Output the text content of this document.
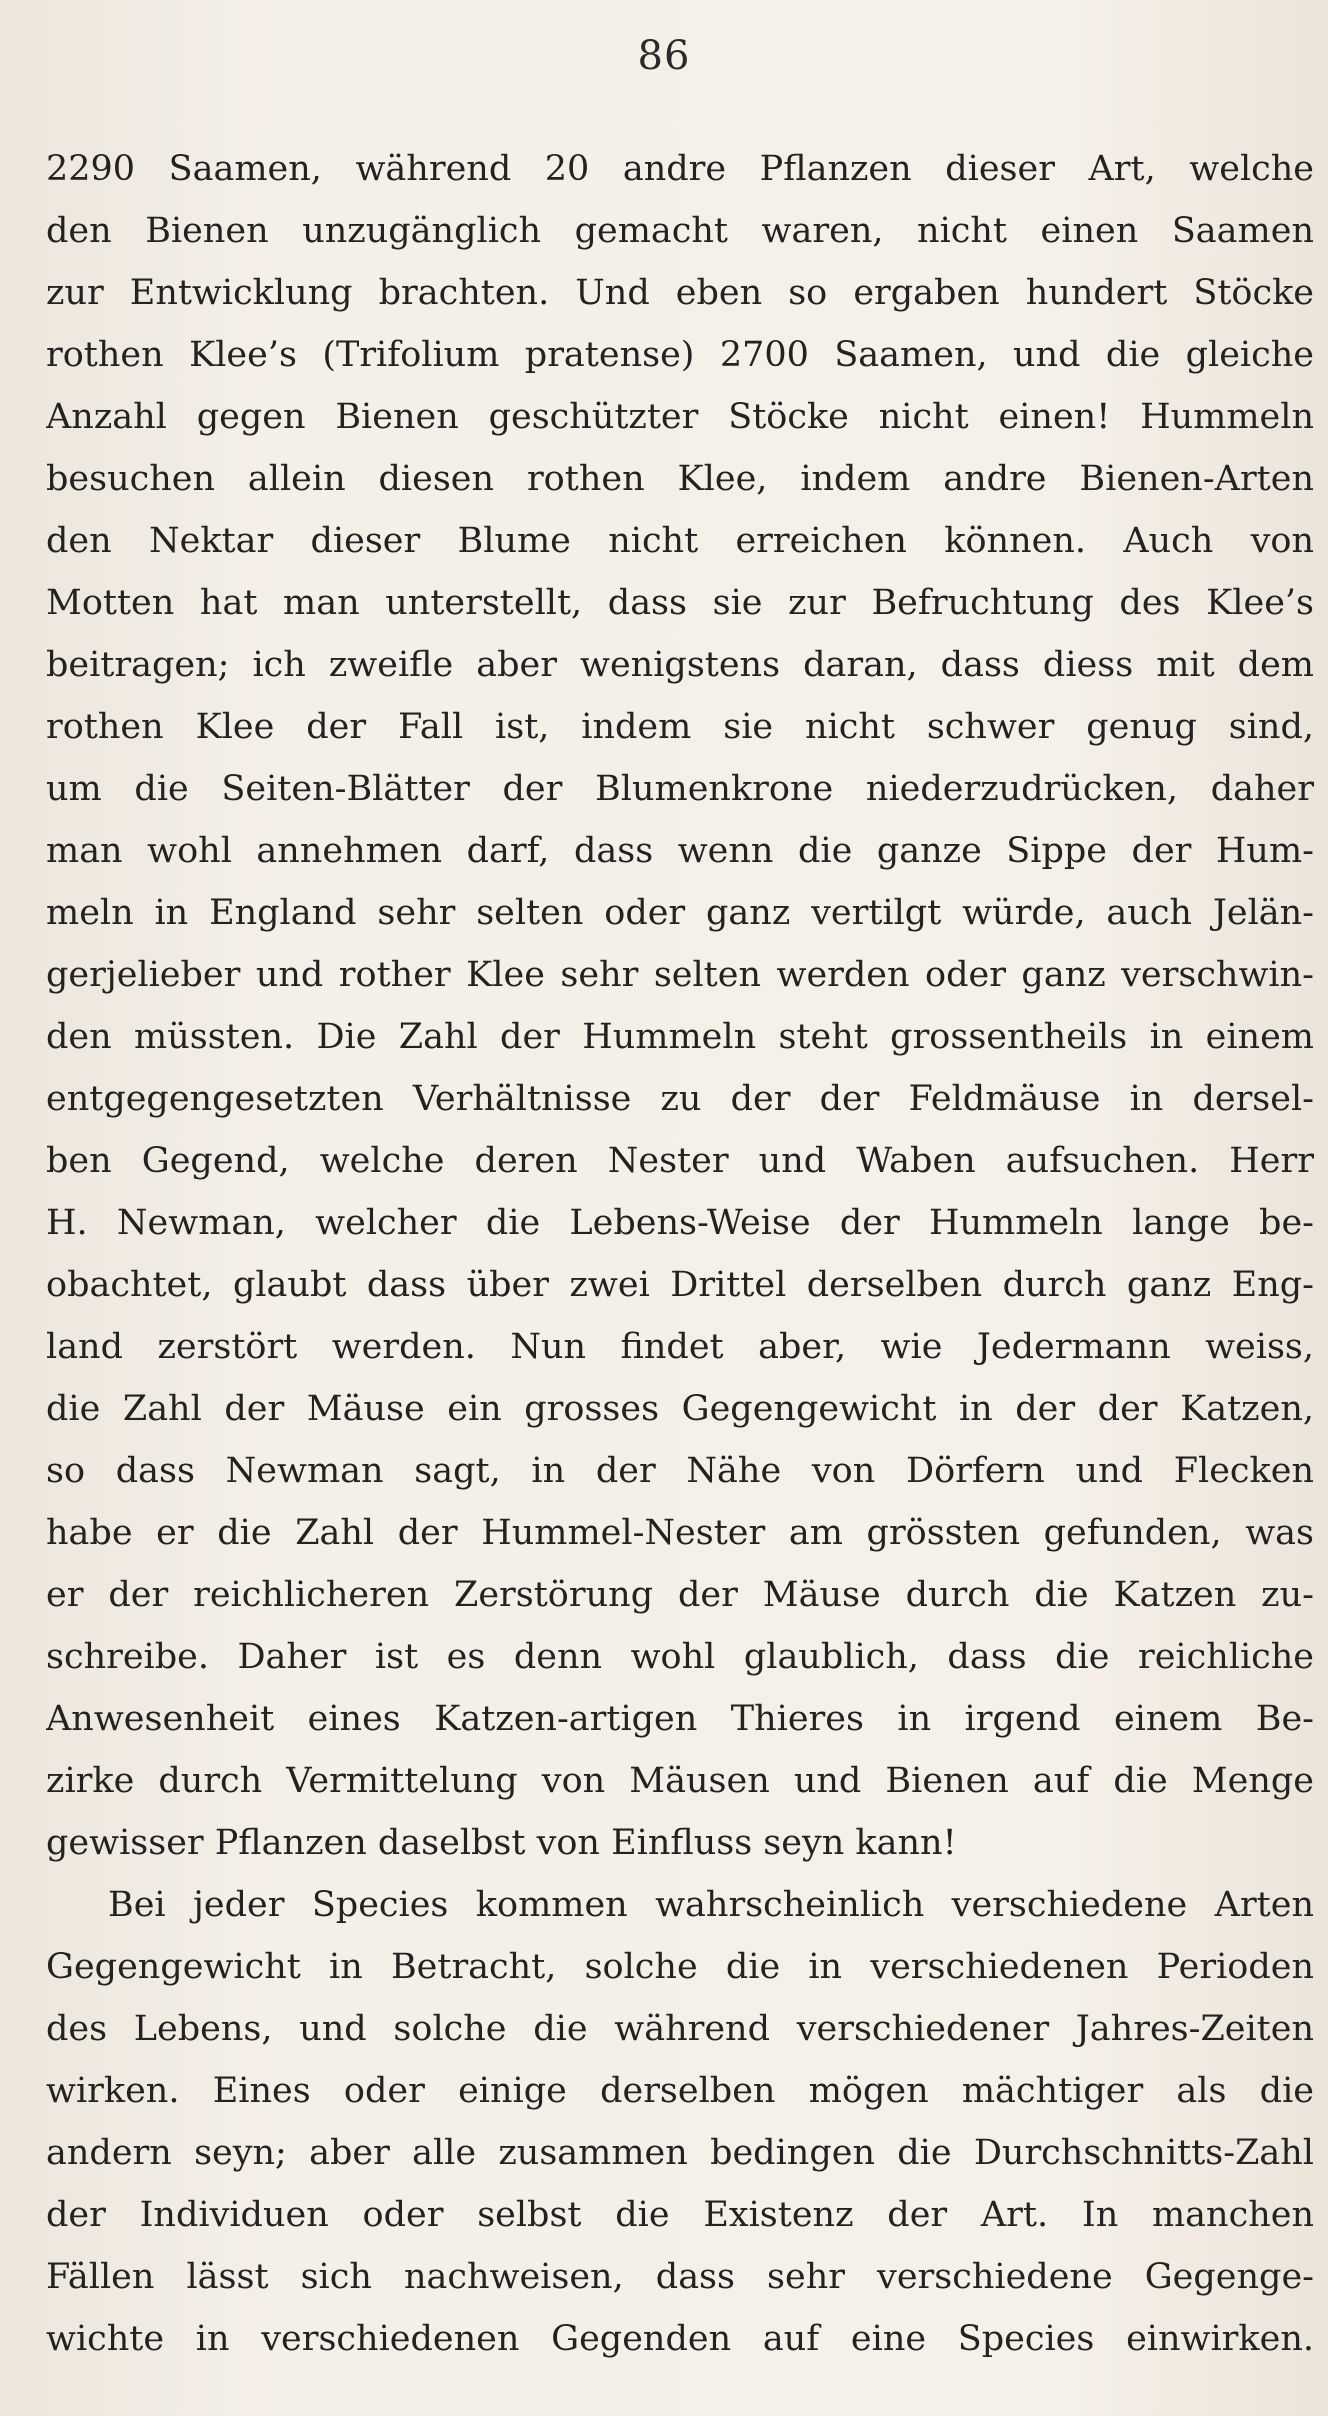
86
2290 Saamen, während 20 andre Pflanzen dieser Art, welche
den Bienen unzugänglich gemacht waren, nicht einen Saamen
zur Entwicklung brachten. Und eben so ergaben hundert Stöcke
rothen Klee’s (Trifolium pratense) 2700 Saamen, und die gleiche
Anzahl gegen Bienen geschützter Stöcke nicht einen! Hummeln
besuchen allein diesen rothen Klee, indem andre Bienen-Arten
den Nektar dieser Blume nicht erreichen können. Auch von
Motten hat man unterstellt, dass sie zur Befruchtung des Klee’s
beitragen; ich zweifle aber wenigstens daran, dass diess mit dem
rothen Klee der Fall ist, indem sie nicht schwer genug sind,
um die Seiten-Blätter der Blumenkrone niederzudrücken, daher
man wohl annehmen darf, dass wenn die ganze Sippe der Hum-
meln in England sehr selten oder ganz vertilgt würde, auch Jelän-
gerjelieber und rother Klee sehr selten werden oder ganz verschwin-
den müssten. Die Zahl der Hummeln steht grossentheils in einem
entgegengesetzten Verhältnisse zu der der Feldmäuse in dersel-
ben Gegend, welche deren Nester und Waben aufsuchen. Herr
H. Newman, welcher die Lebens-Weise der Hummeln lange be-
obachtet, glaubt dass über zwei Drittel derselben durch ganz Eng-
land zerstört werden. Nun findet aber, wie Jedermann weiss,
die Zahl der Mäuse ein grosses Gegengewicht in der der Katzen,
so dass Newman sagt, in der Nähe von Dörfern und Flecken
habe er die Zahl der Hummel-Nester am grössten gefunden, was
er der reichlicheren Zerstörung der Mäuse durch die Katzen zu-
schreibe. Daher ist es denn wohl glaublich, dass die reichliche
Anwesenheit eines Katzen-artigen Thieres in irgend einem Be-
zirke durch Vermittelung von Mäusen und Bienen auf die Menge
gewisser Pflanzen daselbst von Einfluss seyn kann!
Bei jeder Species kommen wahrscheinlich verschiedene Arten
Gegengewicht in Betracht, solche die in verschiedenen Perioden
des Lebens, und solche die während verschiedener Jahres-Zeiten
wirken. Eines oder einige derselben mögen mächtiger als die
andern seyn; aber alle zusammen bedingen die Durchschnitts-Zahl
der Individuen oder selbst die Existenz der Art. In manchen
Fällen lässt sich nachweisen, dass sehr verschiedene Gegenge-
wichte in verschiedenen Gegenden auf eine Species einwirken.
